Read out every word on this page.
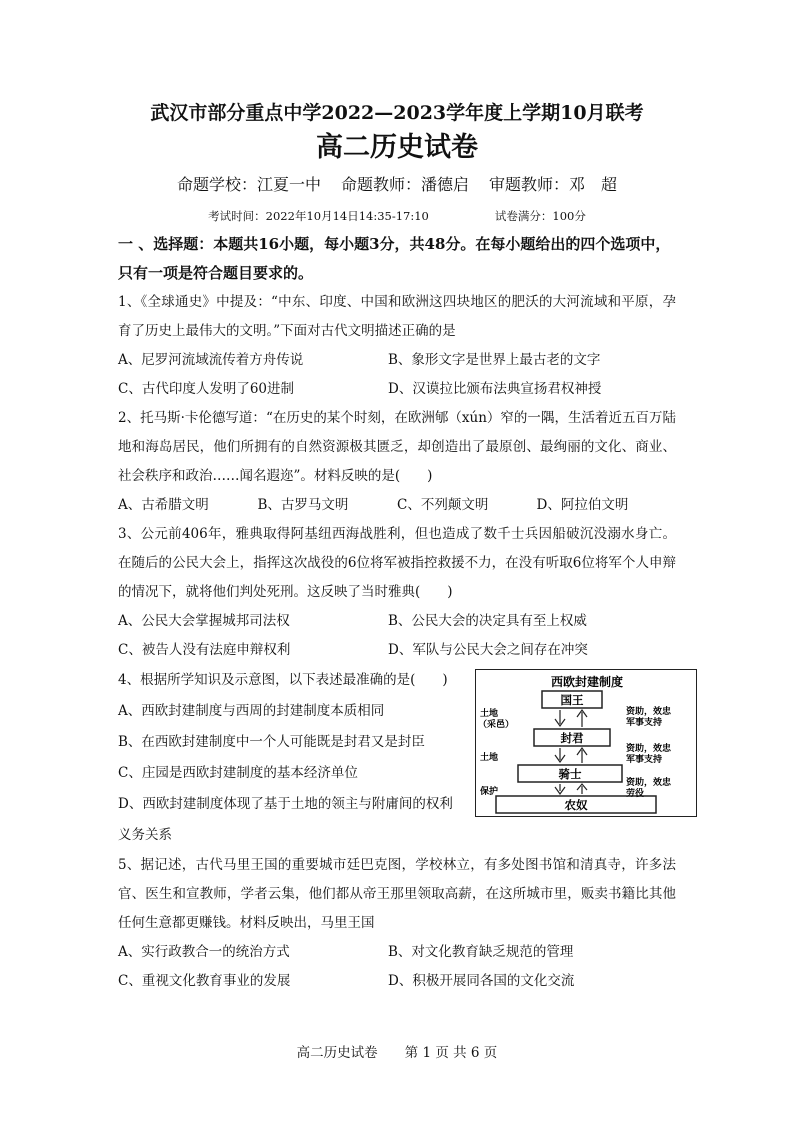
武汉市部分重点中学2022—2023学年度上学期10月联考

高二历史试卷

命题学校：江夏一中 命题教师：潘德启 审题教师：邓　超

考试时间：2022年10月14日14:35-17:10	试卷满分：100分

一 、选择题：本题共16小题，每小题3分，共48分。在每小题给出的四个选项中，只有一项是符合题目要求的。

1、《全球通史》中提及：“中东、印度、中国和欧洲这四块地区的肥沃的大河流域和平原，孕育了历史上最伟大的文明。”下面对古代文明描述正确的是

A、尼罗河流域流传着方舟传说	B、象形文字是世界上最古老的文字
C、古代印度人发明了60进制	D、汉谟拉比颁布法典宣扬君权神授

2、托马斯·卡伦德写道：“在历史的某个时刻，在欧洲郇（xún）窄的一隅，生活着近五百万陆地和海岛居民，他们所拥有的自然资源极其匮乏，却创造出了最原创、最绚丽的文化、商业、社会秩序和政治……闻名遐迩”。材料反映的是(　　)

A、古希腊文明	B、古罗马文明	C、不列颠文明	D、阿拉伯文明

3、公元前406年，雅典取得阿基纽西海战胜利，但也造成了数千士兵因船破沉没溺水身亡。在随后的公民大会上，指挥这次战役的6位将军被指控救援不力，在没有听取6位将军个人申辩的情况下，就将他们判处死刑。这反映了当时雅典(　　)

A、公民大会掌握城邦司法权	B、公民大会的决定具有至上权威
C、被告人没有法庭申辩权利	D、军队与公民大会之间存在冲突
4、根据所学知识及示意图，以下表述最准确的是(　　)
A、西欧封建制度与西周的封建制度本质相同
B、在西欧封建制度中一个人可能既是封君又是封臣
C、庄园是西欧封建制度的基本经济单位
D、西欧封建制度体现了基于土地的领主与附庸间的权利
义务关系
西欧封建制度
国王
封君
骑士
农奴
土地
（采邑）
土地
保护
资助，效忠
军事支持
资助，效忠
军事支持
资助，效忠
劳役

5、据记述，古代马里王国的重要城市廷巴克图，学校林立，有多处图书馆和清真寺，许多法官、医生和宣教师，学者云集，他们都从帝王那里领取高薪，在这所城市里，贩卖书籍比其他任何生意都更赚钱。材料反映出，马里王国

A、实行政教合一的统治方式	B、对文化教育缺乏规范的管理
C、重视文化教育事业的发展	D、积极开展同各国的文化交流
高二历史试卷　　第 1 页 共 6 页
